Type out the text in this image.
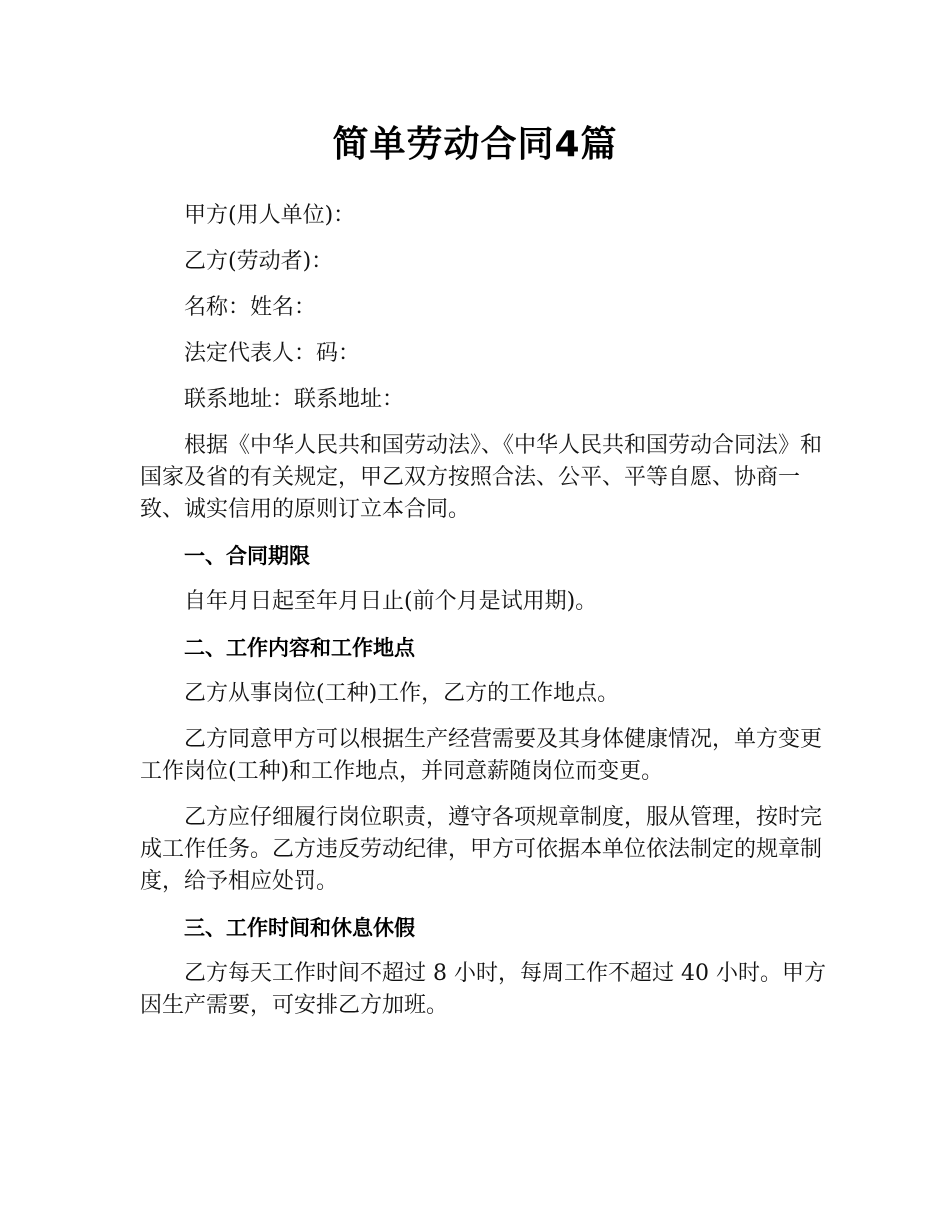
简单劳动合同4篇

甲方(用人单位)：

乙方(劳动者)：

名称：姓名：

法定代表人：码：

联系地址：联系地址：

根据《中华人民共和国劳动法》、《中华人民共和国劳动合同法》和国家及省的有关规定，甲乙双方按照合法、公平、平等自愿、协商一致、诚实信用的原则订立本合同。

一、合同期限

自年月日起至年月日止(前个月是试用期)。

二、工作内容和工作地点

乙方从事岗位(工种)工作，乙方的工作地点。

乙方同意甲方可以根据生产经营需要及其身体健康情况，单方变更工作岗位(工种)和工作地点，并同意薪随岗位而变更。

乙方应仔细履行岗位职责，遵守各项规章制度，服从管理，按时完成工作任务。乙方违反劳动纪律，甲方可依据本单位依法制定的规章制度，给予相应处罚。

三、工作时间和休息休假

乙方每天工作时间不超过 8 小时，每周工作不超过 40 小时。甲方因生产需要，可安排乙方加班。
